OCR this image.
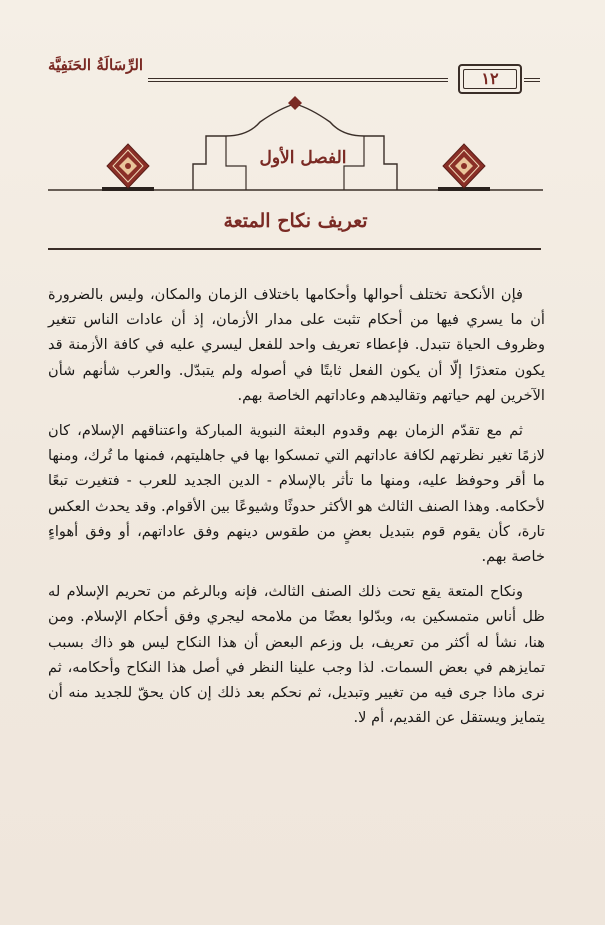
الرِّسَالَةُ الحَنَفِيَّة
١٢
الفصل الأول
تعريف نكاح المتعة

فإن الأنكحة تختلف أحوالها وأحكامها باختلاف الزمان والمكان، وليس بالضرورة أن ما يسري فيها من أحكام تثبت على مدار الأزمان، إذ أن عادات الناس تتغير وظروف الحياة تتبدل. فإعطاء تعريف واحد للفعل ليسري عليه في كافة الأزمنة قد يكون متعذرًا إلّا أن يكون الفعل ثابتًا في أصوله ولم يتبدّل. والعرب شأنهم شأن الآخرين لهم حياتهم وتقاليدهم وعاداتهم الخاصة بهم.

ثم مع تقدّم الزمان بهم وقدوم البعثة النبوية المباركة واعتناقهم الإسلام، كان لازمًا تغير نظرتهم لكافة عاداتهم التي تمسكوا بها في جاهليتهم، فمنها ما تُرك، ومنها ما أقر وحوفظ عليه، ومنها ما تأثر بالإسلام - الدين الجديد للعرب - فتغيرت تبعًا لأحكامه. وهذا الصنف الثالث هو الأكثر حدوثًا وشيوعًا بين الأقوام. وقد يحدث العكس تارة، كأن يقوم قوم بتبديل بعضٍ من طقوس دينهم وفق عاداتهم، أو وفق أهواءٍ خاصة بهم.

ونكاح المتعة يقع تحت ذلك الصنف الثالث، فإنه وبالرغم من تحريم الإسلام له ظل أناس متمسكين به، وبدّلوا بعضًا من ملامحه ليجري وفق أحكام الإسلام. ومن هنا، نشأ له أكثر من تعريف، بل وزعم البعض أن هذا النكاح ليس هو ذاك بسبب تمايزهم في بعض السمات. لذا وجب علينا النظر في أصل هذا النكاح وأحكامه، ثم نرى ماذا جرى فيه من تغيير وتبديل، ثم نحكم بعد ذلك إن كان يحقّ للجديد منه أن يتمايز ويستقل عن القديم، أم لا.
